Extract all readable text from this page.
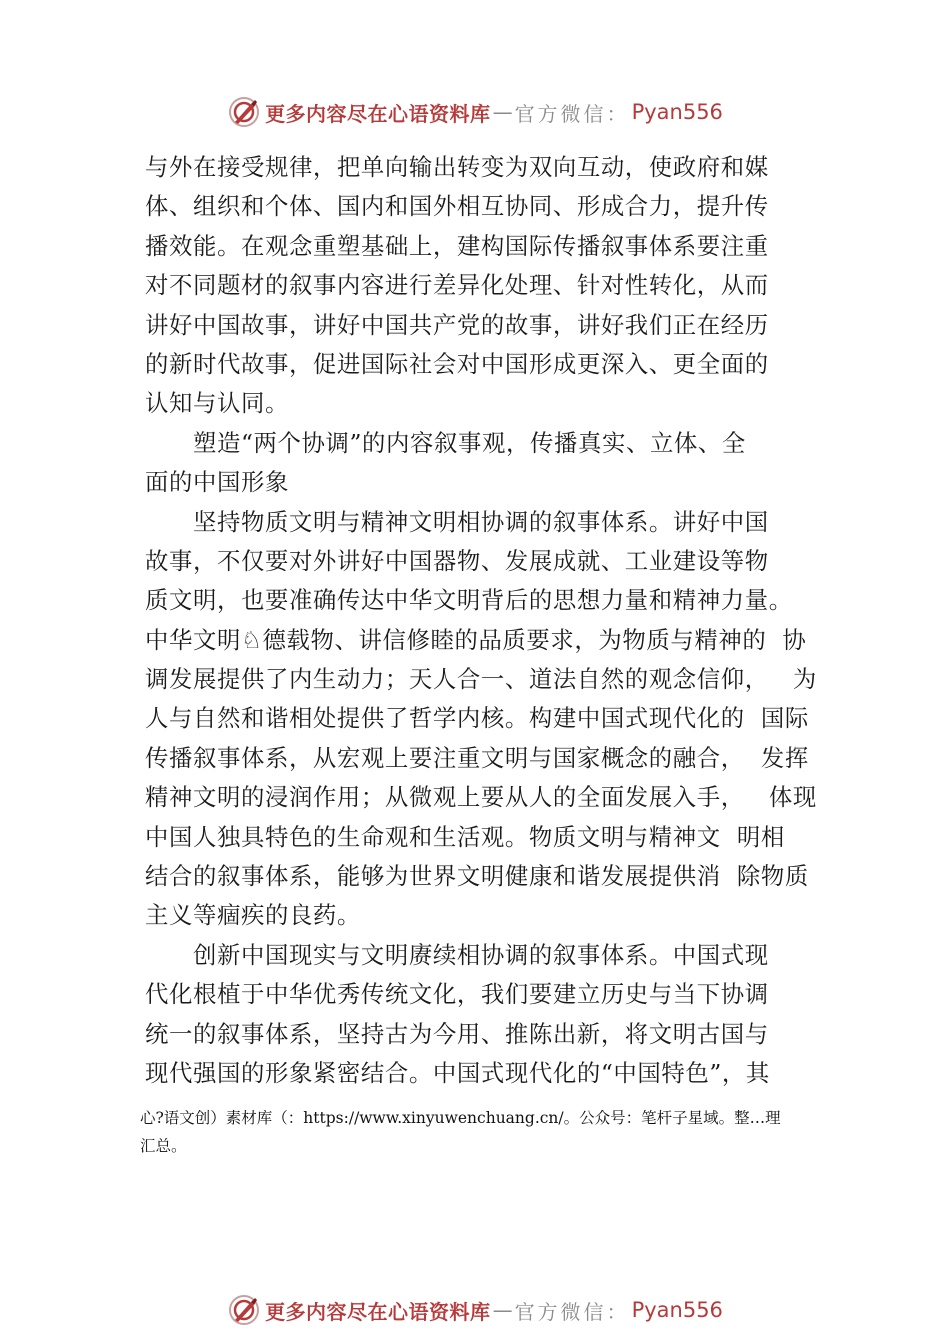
更多内容尽在心语资料库 — 官方微信： Pyan556
与外在接受规律，把单向输出转变为双向互动，使政府和媒
体、组织和个体、国内和国外相互协同、形成合力，提升传
播效能。在观念重塑基础上，建构国际传播叙事体系要注重
对不同题材的叙事内容进行差异化处理、针对性转化，从而
讲好中国故事，讲好中国共产党的故事，讲好我们正在经历
的新时代故事，促进国际社会对中国形成更深入、更全面的
认知与认同。
塑造“两个协调”的内容叙事观，传播真实、立体、全
面的中国形象
坚持物质文明与精神文明相协调的叙事体系。讲好中国
故事，不仅要对外讲好中国器物、发展成就、工业建设等物
质文明，也要准确传达中华文明背后的思想力量和精神力量。
中华文明♘德载物、讲信修睦的品质要求，为物质与精神的  协
调发展提供了内生动力；天人合一、道法自然的观念信仰，   为
人与自然和谐相处提供了哲学内核。构建中国式现代化的  国际
传播叙事体系，从宏观上要注重文明与国家概念的融合，  发挥
精神文明的浸润作用；从微观上要从人的全面发展入手，   体现
中国人独具特色的生命观和生活观。物质文明与精神文  明相
结合的叙事体系，能够为世界文明健康和谐发展提供消  除物质
主义等痼疾的良药。
创新中国现实与文明赓续相协调的叙事体系。中国式现
代化根植于中华优秀传统文化，我们要建立历史与当下协调
统一的叙事体系，坚持古为今用、推陈出新，将文明古国与
现代强国的形象紧密结合。中国式现代化的“中国特色”，其
心?语文创）素材库（：https://www.xinyuwenchuang.cn/。公众号：笔杆子星域。整…理
汇总。
更多内容尽在心语资料库 — 官方微信： Pyan556
